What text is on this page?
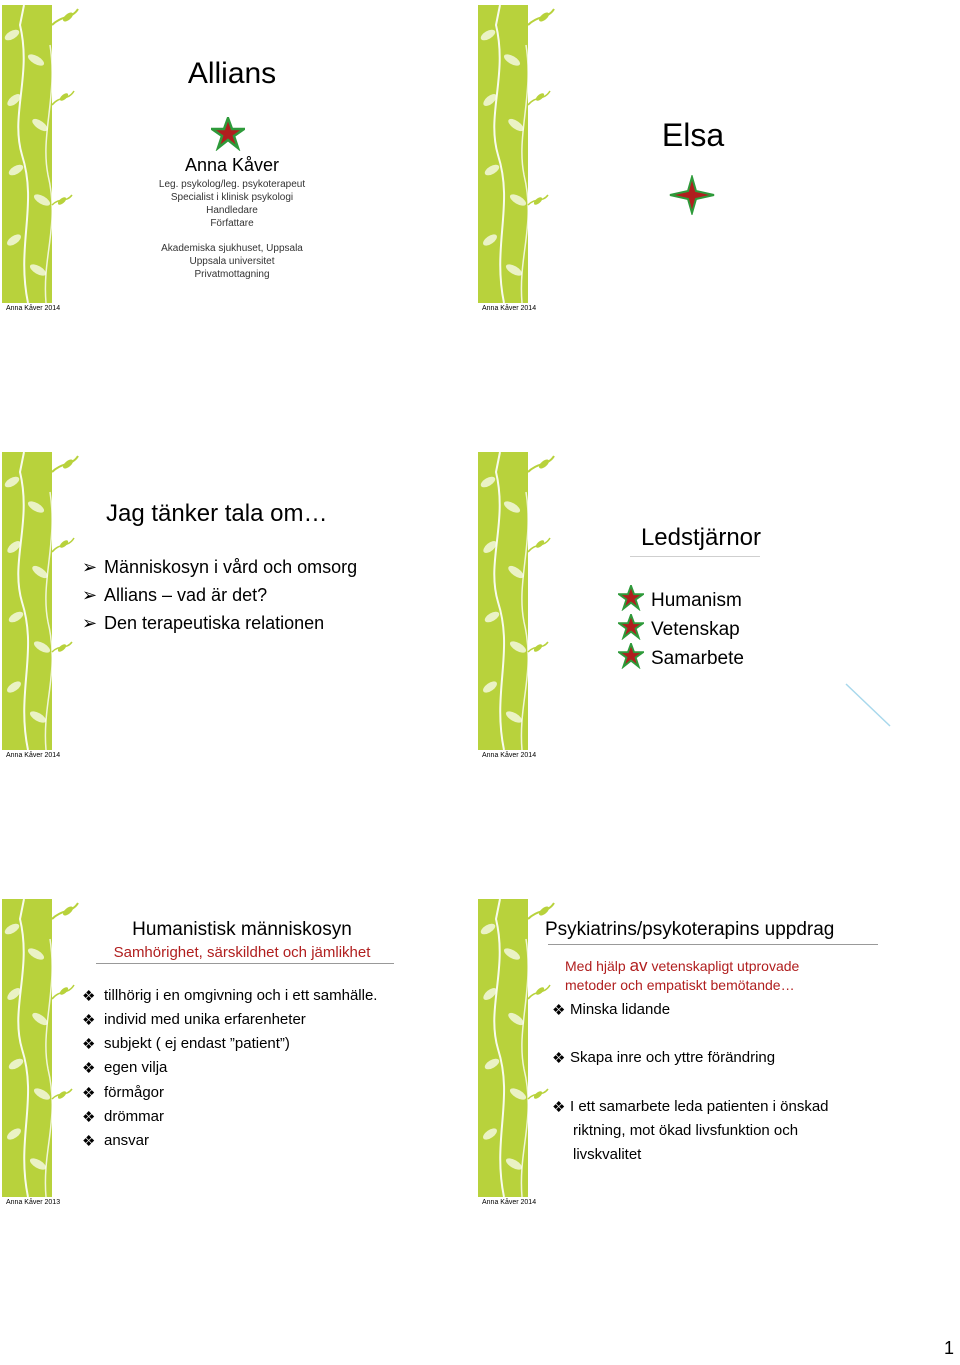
Allians
Anna Kåver
Leg. psykolog/leg. psykoterapeut
Specialist i klinisk psykologi
Handledare
Författare
Akademiska sjukhuset, Uppsala
Uppsala universitet
Privatmottagning
Anna Kåver 2014
Elsa
Anna Kåver 2014
Jag tänker tala om…
➢ Människosyn i vård och omsorg
➢ Allians – vad är det?
➢ Den terapeutiska relationen
Anna Kåver 2014
Ledstjärnor
Humanism
Vetenskap
Samarbete
Anna Kåver 2014
Humanistisk människosyn
Samhörighet, särskildhet och jämlikhet
❖ tillhörig i en omgivning och i ett samhälle.
❖ individ med unika erfarenheter
❖ subjekt ( ej endast ”patient”)
❖ egen vilja
❖ förmågor
❖ drömmar
❖ ansvar
Anna Kåver 2013
Psykiatrins/psykoterapins uppdrag
Med hjälp av vetenskapligt utprovade
metoder och empatiskt bemötande…
❖ Minska lidande
❖ Skapa inre och yttre förändring
❖ I ett samarbete leda patienten i önskad
riktning, mot ökad livsfunktion och
livskvalitet
Anna Kåver 2014
1
